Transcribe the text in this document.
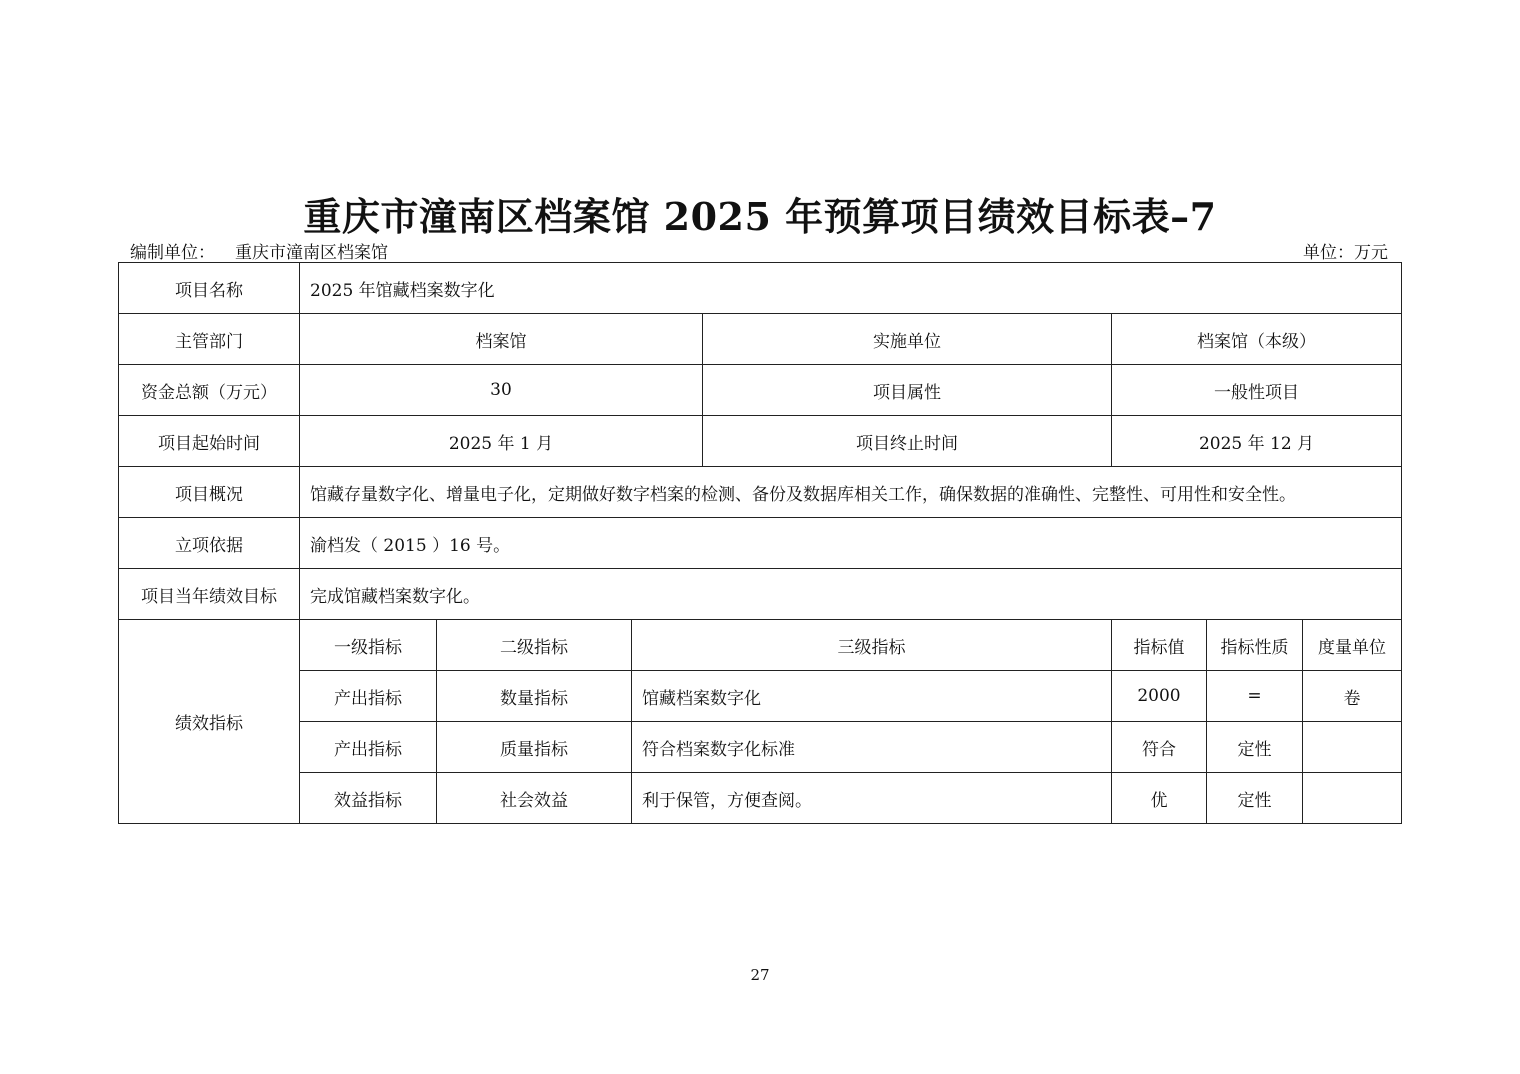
重庆市潼南区档案馆 2025 年预算项目绩效目标表–7
编制单位： 重庆市潼南区档案馆	单位：万元
项目名称	2025 年馆藏档案数字化						
主管部门	档案馆			实施单位	档案馆（本级）		
资金总额（万元）	30			项目属性	一般性项目		
项目起始时间	2025 年 1 月			项目终止时间	2025 年 12 月		
项目概况	馆藏存量数字化、增量电子化，定期做好数字档案的检测、备份及数据库相关工作，确保数据的准确性、完整性、可用性和安全性。						
立项依据	渝档发（ 2015 ）16 号。						
项目当年绩效目标	完成馆藏档案数字化。						
绩效指标	一级指标	二级指标	三级指标		指标值	指标性质	度量单位
	产出指标	数量指标	馆藏档案数字化		2000	=	卷
	产出指标	质量指标	符合档案数字化标准		符合	定性	
	效益指标	社会效益	利于保管，方便查阅。		优	定性	
27
